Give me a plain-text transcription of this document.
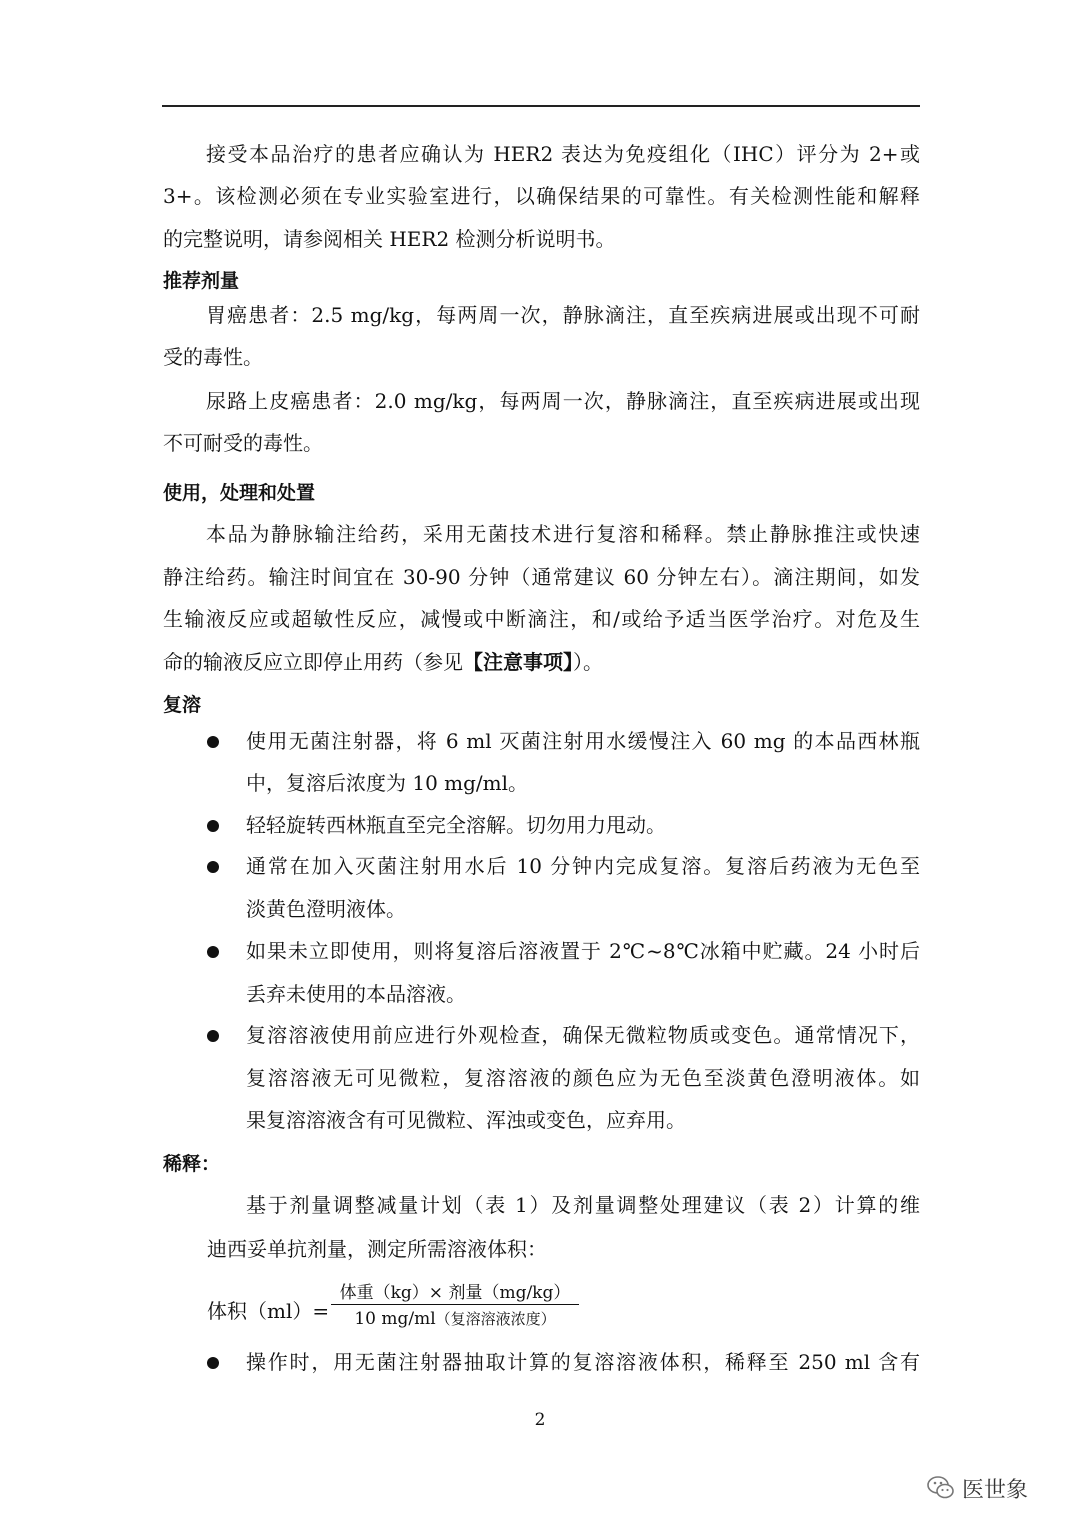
接受本品治疗的患者应确认为 HER2 表达为免疫组化（IHC）评分为 2+或
3+。该检测必须在专业实验室进行，以确保结果的可靠性。有关检测性能和解释
的完整说明，请参阅相关 HER2 检测分析说明书。
推荐剂量
胃癌患者：2.5 mg/kg，每两周一次，静脉滴注，直至疾病进展或出现不可耐
受的毒性。
尿路上皮癌患者：2.0 mg/kg，每两周一次，静脉滴注，直至疾病进展或出现
不可耐受的毒性。
使用，处理和处置
本品为静脉输注给药，采用无菌技术进行复溶和稀释。禁止静脉推注或快速
静注给药。输注时间宜在 30-90 分钟（通常建议 60 分钟左右）。滴注期间，如发
生输液反应或超敏性反应，减慢或中断滴注，和/或给予适当医学治疗。对危及生
命的输液反应立即停止用药（参见【注意事项】）。
复溶
使用无菌注射器，将 6 ml 灭菌注射用水缓慢注入 60 mg 的本品西林瓶
中，复溶后浓度为 10 mg/ml。
轻轻旋转西林瓶直至完全溶解。切勿用力甩动。
通常在加入灭菌注射用水后 10 分钟内完成复溶。复溶后药液为无色至
淡黄色澄明液体。
如果未立即使用，则将复溶后溶液置于 2℃~8℃冰箱中贮藏。24 小时后
丢弃未使用的本品溶液。
复溶溶液使用前应进行外观检查，确保无微粒物质或变色。通常情况下，
复溶溶液无可见微粒，复溶溶液的颜色应为无色至淡黄色澄明液体。如
果复溶溶液含有可见微粒、浑浊或变色，应弃用。
稀释：
基于剂量调整减量计划（表 1）及剂量调整处理建议（表 2）计算的维
迪西妥单抗剂量，测定所需溶液体积：
体积（ml）=
体重（kg）× 剂量（mg/kg）
10 mg/ml（复溶溶液浓度）
操作时，用无菌注射器抽取计算的复溶溶液体积，稀释至 250 ml 含有
2
医世象
